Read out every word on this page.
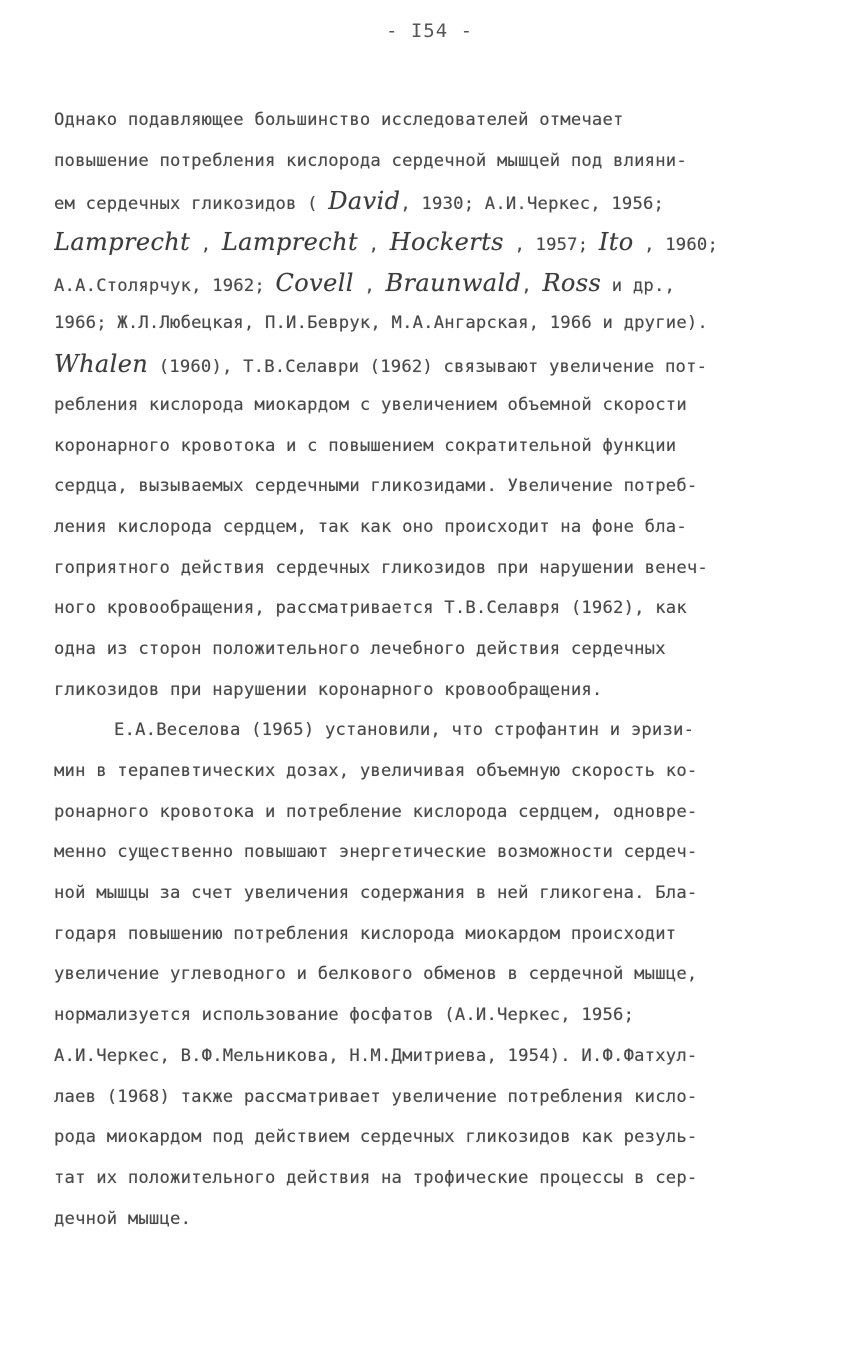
- I54 -
Однако подавляющее большинство исследователей отмечает
повышение потребления кислорода сердечной мышцей под влияни-
ем сердечных гликозидов ( David, 1930; А.И.Черкес, 1956;
Lamprecht , Lamprecht , Hockerts , 1957; Ito , 1960;
А.А.Столярчук, 1962; Covell , Braunwald, Ross и др.,
1966; Ж.Л.Любецкая, П.И.Беврук, М.А.Ангарская, 1966 и другие).
Whalen (1960), Т.В.Селаври (1962) связывают увеличение пот-
ребления кислорода миокардом с увеличением объемной скорости
коронарного кровотока и с повышением сократительной функции
сердца, вызываемых сердечными гликозидами. Увеличение потреб-
ления кислорода сердцем, так как оно происходит на фоне бла-
гоприятного действия сердечных гликозидов при нарушении венеч-
ного кровообращения, рассматривается Т.В.Селавря (1962), как
одна из сторон положительного лечебного действия сердечных
гликозидов при нарушении коронарного кровообращения.
Е.А.Веселова (1965) установили, что строфантин и эризи-
мин в терапевтических дозах, увеличивая объемную скорость ко-
ронарного кровотока и потребление кислорода сердцем, одновре-
менно существенно повышают энергетические возможности сердеч-
ной мышцы за счет увеличения содержания в ней гликогена. Бла-
годаря повышению потребления кислорода миокардом происходит
увеличение углеводного и белкового обменов в сердечной мышце,
нормализуется использование фосфатов (А.И.Черкес, 1956;
А.И.Черкес, В.Ф.Мельникова, Н.М.Дмитриева, 1954). И.Ф.Фатхул-
лаев (1968) также рассматривает увеличение потребления кисло-
рода миокардом под действием сердечных гликозидов как резуль-
тат их положительного действия на трофические процессы в сер-
дечной мышце.
